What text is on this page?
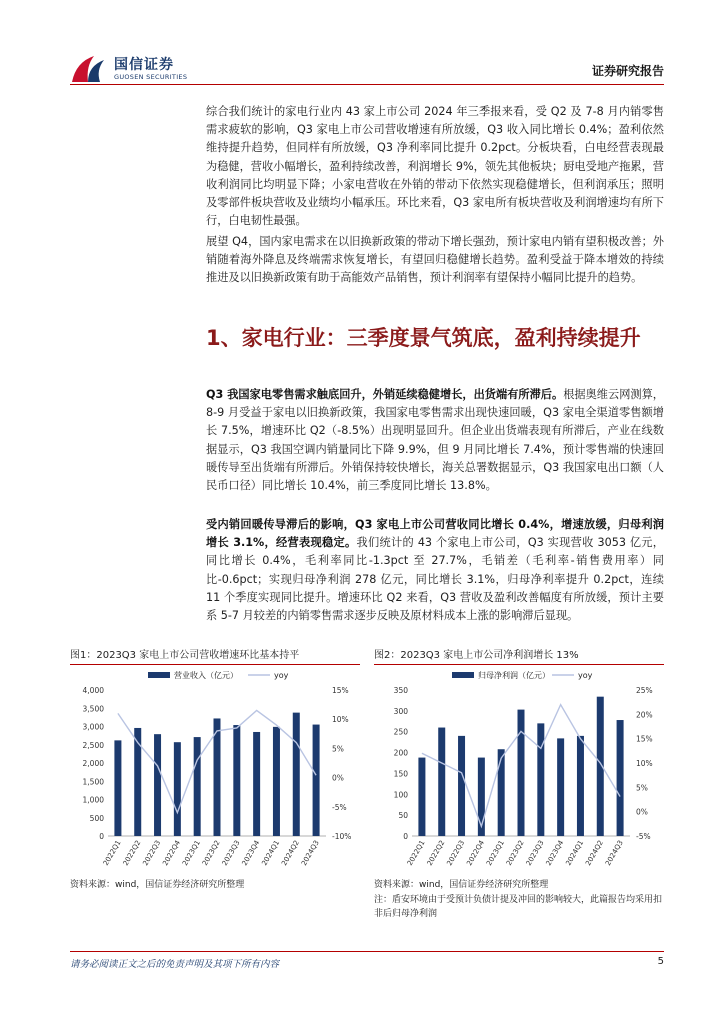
国信证券
GUOSEN SECURITIES	证券研究报告

综合我们统计的家电行业内 43 家上市公司 2024 年三季报来看，受 Q2 及 7-8 月内销零售需求疲软的影响，Q3 家电上市公司营收增速有所放缓，Q3 收入同比增长 0.4%；盈利依然维持提升趋势，但同样有所放缓，Q3 净利率同比提升 0.2pct。分板块看，白电经营表现最为稳健，营收小幅增长，盈利持续改善，利润增长 9%，领先其他板块；厨电受地产拖累，营收利润同比均明显下降；小家电营收在外销的带动下依然实现稳健增长，但利润承压；照明及零部件板块营收及业绩均小幅承压。环比来看，Q3 家电所有板块营收及利润增速均有所下行，白电韧性最强。

展望 Q4，国内家电需求在以旧换新政策的带动下增长强劲，预计家电内销有望积极改善；外销随着海外降息及终端需求恢复增长，有望回归稳健增长趋势。盈利受益于降本增效的持续推进及以旧换新政策有助于高能效产品销售，预计利润率有望保持小幅同比提升的趋势。

1、家电行业：三季度景气筑底，盈利持续提升

Q3 我国家电零售需求触底回升，外销延续稳健增长，出货端有所滞后。根据奥维云网测算，8-9 月受益于家电以旧换新政策，我国家电零售需求出现快速回暖，Q3 家电全渠道零售额增长 7.5%，增速环比 Q2（-8.5%）出现明显回升。但企业出货端表现有所滞后，产业在线数据显示，Q3 我国空调内销量同比下降 9.9%，但 9 月同比增长 7.4%，预计零售端的快速回暖传导至出货端有所滞后。外销保持较快增长，海关总署数据显示，Q3 我国家电出口额（人民币口径）同比增长 10.4%，前三季度同比增长 13.8%。

受内销回暖传导滞后的影响，Q3 家电上市公司营收同比增长 0.4%，增速放缓，归母利润增长 3.1%，经营表现稳定。我们统计的 43 个家电上市公司，Q3 实现营收 3053 亿元，同比增长 0.4%，毛利率同比-1.3pct 至 27.7%，毛销差（毛利率-销售费用率）同比-0.6pct；实现归母净利润 278 亿元，同比增长 3.1%，归母净利率提升 0.2pct，连续 11 个季度实现同比提升。增速环比 Q2 来看，Q3 营收及盈利改善幅度有所放缓，预计主要系 5-7 月较差的内销零售需求逐步反映及原材料成本上涨的影响滞后显现。

图1：2023Q3 家电上市公司营收增速环比基本持平
营业收入（亿元）	yoy
4,000
3,500
3,000
2,500
2,000
1,500
1,000
500
0
15%
10%
5%
0%
-5%
-10%
2022Q1
2022Q2
2022Q3
2022Q4
2023Q1
2023Q2
2023Q3
2023Q4
2024Q1
2024Q2
2024Q3
资料来源：wind，国信证券经济研究所整理
图2：2023Q3 家电上市公司净利润增长 13%
归母净利润（亿元）	yoy
350
300
250
200
150
100
50
0
25%
20%
15%
10%
5%
0%
-5%
2022Q1
2022Q2
2022Q3
2022Q4
2023Q1
2023Q2
2023Q3
2023Q4
2024Q1
2024Q2
2024Q3
资料来源：wind，国信证券经济研究所整理
注：盾安环境由于受预计负债计提及冲回的影响较大，此篇报告均采用扣非后归母净利润
请务必阅读正文之后的免责声明及其项下所有内容	5
